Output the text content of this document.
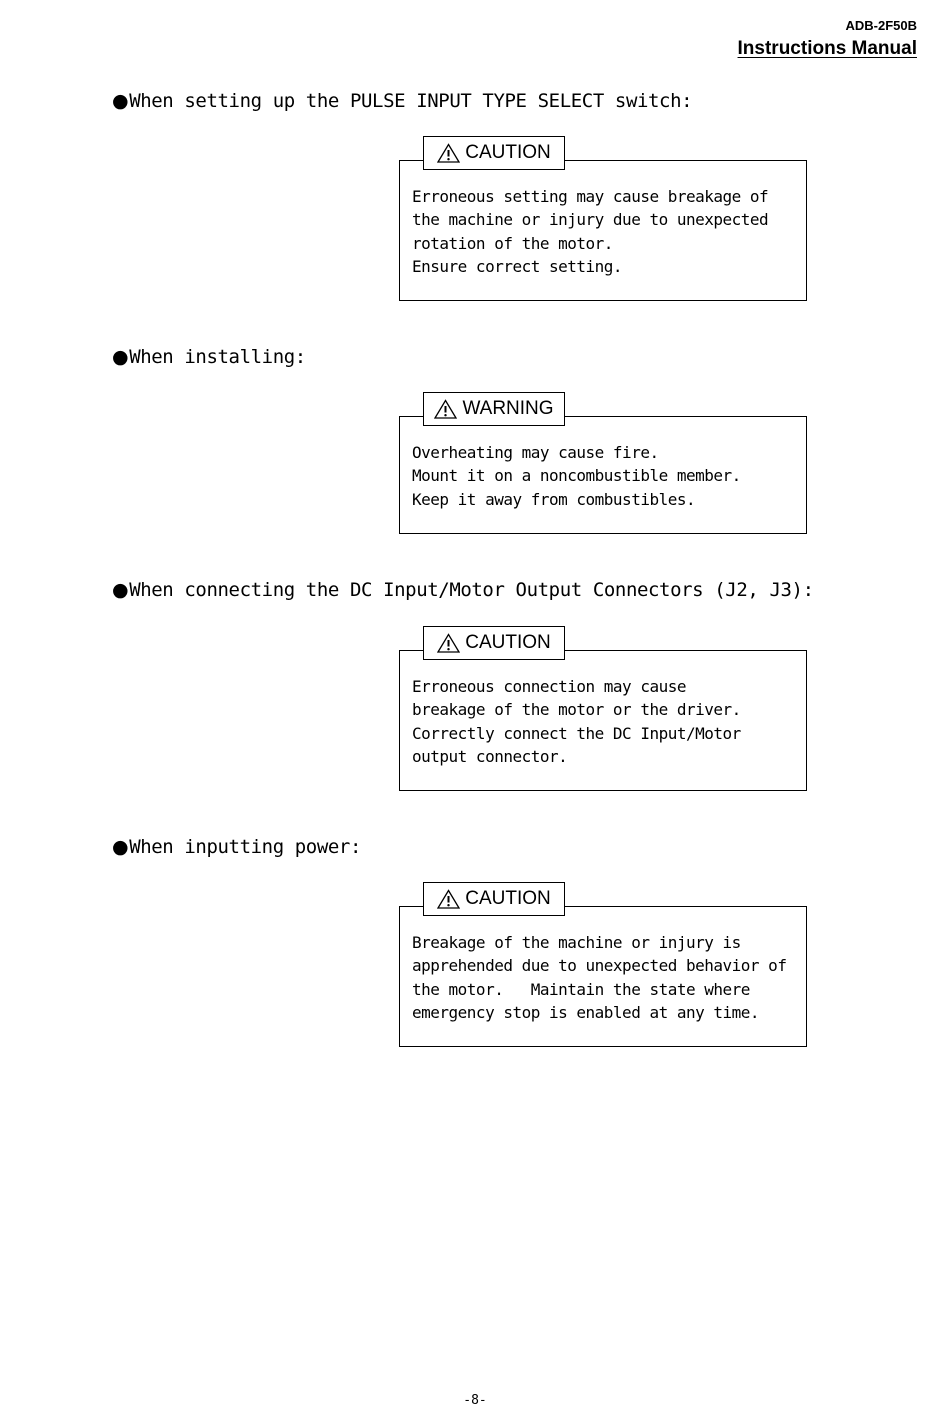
ADB-2F50B
Instructions Manual
●When setting up the PULSE INPUT TYPE SELECT switch:
CAUTION
Erroneous setting may cause breakage of
the machine or injury due to unexpected
rotation of the motor.
Ensure correct setting.
●When installing:
WARNING
Overheating may cause fire.
Mount it on a noncombustible member.
Keep it away from combustibles.
●When connecting the DC Input/Motor Output Connectors (J2, J3):
CAUTION
Erroneous connection may cause
breakage of the motor or the driver.
Correctly connect the DC Input/Motor
output connector.
●When inputting power:
CAUTION
Breakage of the machine or injury is
apprehended due to unexpected behavior of
the motor.   Maintain the state where
emergency stop is enabled at any time.
-8-
